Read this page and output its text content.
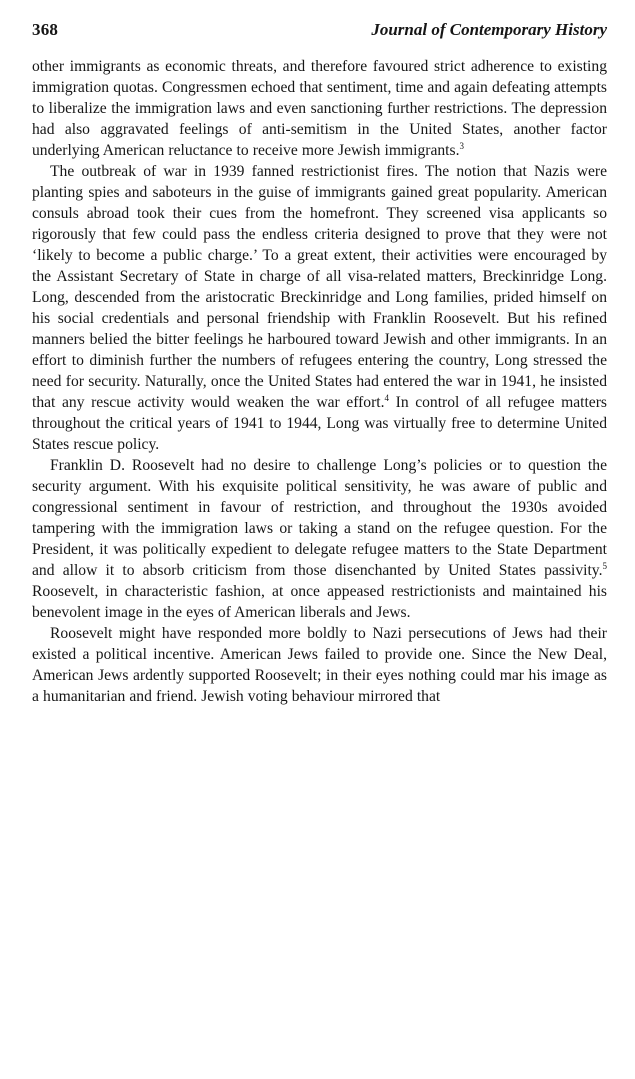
368	Journal of Contemporary History

other immigrants as economic threats, and therefore favoured strict adherence to existing immigration quotas. Congressmen echoed that sentiment, time and again defeating attempts to liberalize the immigration laws and even sanctioning further restrictions. The depression had also aggravated feelings of anti-semitism in the United States, another factor underlying American reluctance to receive more Jewish immigrants.$^3$

The outbreak of war in 1939 fanned restrictionist fires. The notion that Nazis were planting spies and saboteurs in the guise of immigrants gained great popularity. American consuls abroad took their cues from the homefront. They screened visa applicants so rigorously that few could pass the endless criteria designed to prove that they were not ‘likely to become a public charge.’ To a great extent, their activities were encouraged by the Assistant Secretary of State in charge of all visa-related matters, Breckinridge Long. Long, descended from the aristocratic Breckinridge and Long families, prided himself on his social credentials and personal friendship with Franklin Roosevelt. But his refined manners belied the bitter feelings he harboured toward Jewish and other immigrants. In an effort to diminish further the numbers of refugees entering the country, Long stressed the need for security. Naturally, once the United States had entered the war in 1941, he insisted that any rescue activity would weaken the war effort.$^4$ In control of all refugee matters throughout the critical years of 1941 to 1944, Long was virtually free to determine United States rescue policy.

Franklin D. Roosevelt had no desire to challenge Long’s policies or to question the security argument. With his exquisite political sensitivity, he was aware of public and congressional sentiment in favour of restriction, and throughout the 1930s avoided tampering with the immigration laws or taking a stand on the refugee question. For the President, it was politically expedient to delegate refugee matters to the State Department and allow it to absorb criticism from those disenchanted by United States passivity.$^5$ Roosevelt, in characteristic fashion, at once appeased restrictionists and maintained his benevolent image in the eyes of American liberals and Jews.

Roosevelt might have responded more boldly to Nazi persecutions of Jews had their existed a political incentive. American Jews failed to provide one. Since the New Deal, American Jews ardently supported Roosevelt; in their eyes nothing could mar his image as a humanitarian and friend. Jewish voting behaviour mirrored that
